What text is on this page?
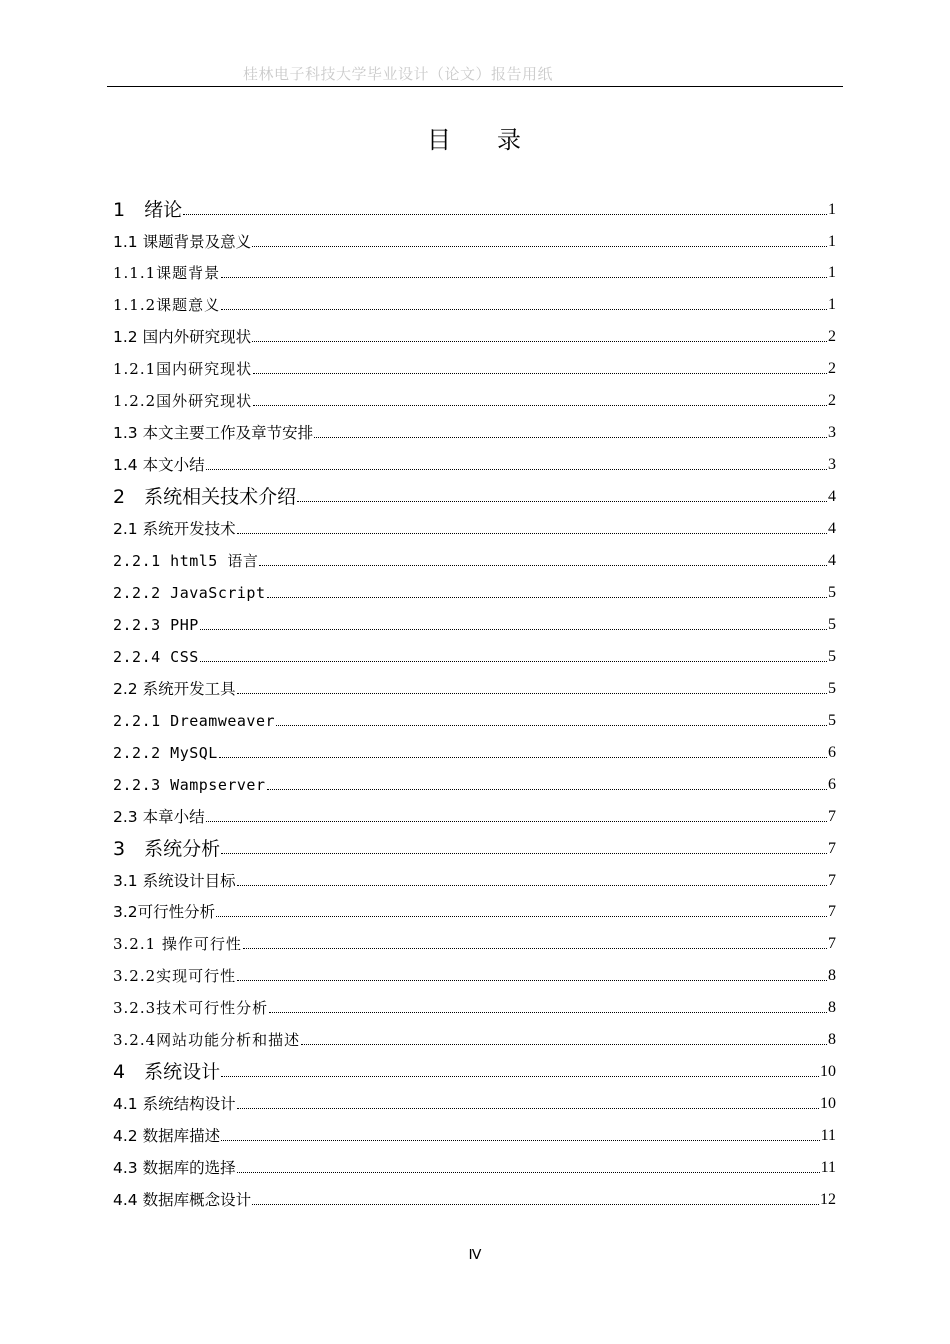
桂林电子科技大学毕业设计（论文）报告用纸
目 录
1　绪论	1
1.1 课题背景及意义	1
1.1.1课题背景	1
1.1.2课题意义	1
1.2 国内外研究现状	2
1.2.1国内研究现状	2
1.2.2国外研究现状	2
1.3 本文主要工作及章节安排	3
1.4 本文小结	3
2　系统相关技术介绍	4
2.1 系统开发技术	4
2.2.1 html5 语言	4
2.2.2 JavaScript	5
2.2.3 PHP	5
2.2.4 CSS	5
2.2 系统开发工具	5
2.2.1 Dreamweaver	5
2.2.2 MySQL	6
2.2.3 Wampserver	6
2.3 本章小结	7
3　系统分析	7
3.1 系统设计目标	7
3.2可行性分析	7
3.2.1 操作可行性	7
3.2.2实现可行性	8
3.2.3技术可行性分析	8
3.2.4网站功能分析和描述	8
4　系统设计	10
4.1 系统结构设计	10
4.2 数据库描述	11
4.3 数据库的选择	11
4.4 数据库概念设计	12
Ⅳ
